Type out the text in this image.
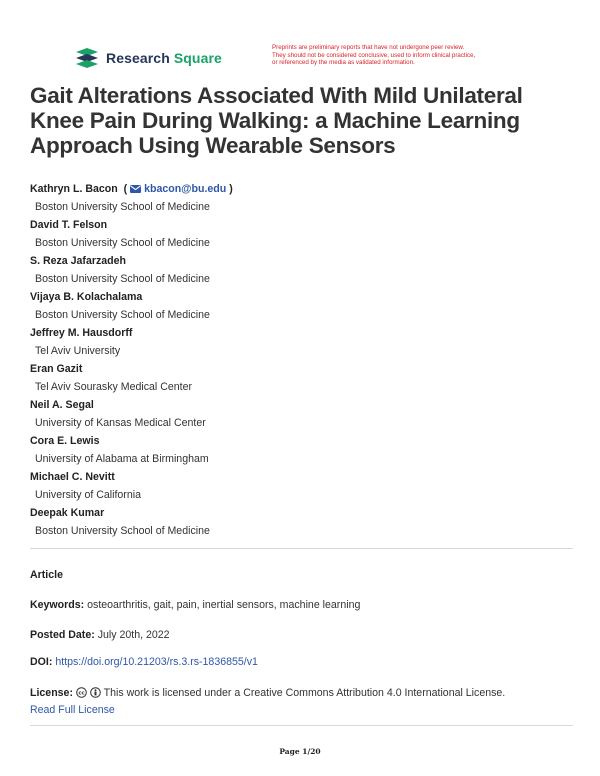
Research Square
Preprints are preliminary reports that have not undergone peer review.
They should not be considered conclusive, used to inform clinical practice,
or referenced by the media as validated information.
Gait Alterations Associated With Mild Unilateral Knee Pain During Walking: a Machine Learning Approach Using Wearable Sensors
Kathryn L. Bacon ( kbacon@bu.edu )
Boston University School of Medicine
David T. Felson
Boston University School of Medicine
S. Reza Jafarzadeh
Boston University School of Medicine
Vijaya B. Kolachalama
Boston University School of Medicine
Jeffrey M. Hausdorff
Tel Aviv University
Eran Gazit
Tel Aviv Sourasky Medical Center
Neil A. Segal
University of Kansas Medical Center
Cora E. Lewis
University of Alabama at Birmingham
Michael C. Nevitt
University of California
Deepak Kumar
Boston University School of Medicine
Article
Keywords: osteoarthritis, gait, pain, inertial sensors, machine learning
Posted Date: July 20th, 2022
DOI: https://doi.org/10.21203/rs.3.rs-1836855/v1
License: cc This work is licensed under a Creative Commons Attribution 4.0 International License.
Read Full License
Page 1/20
